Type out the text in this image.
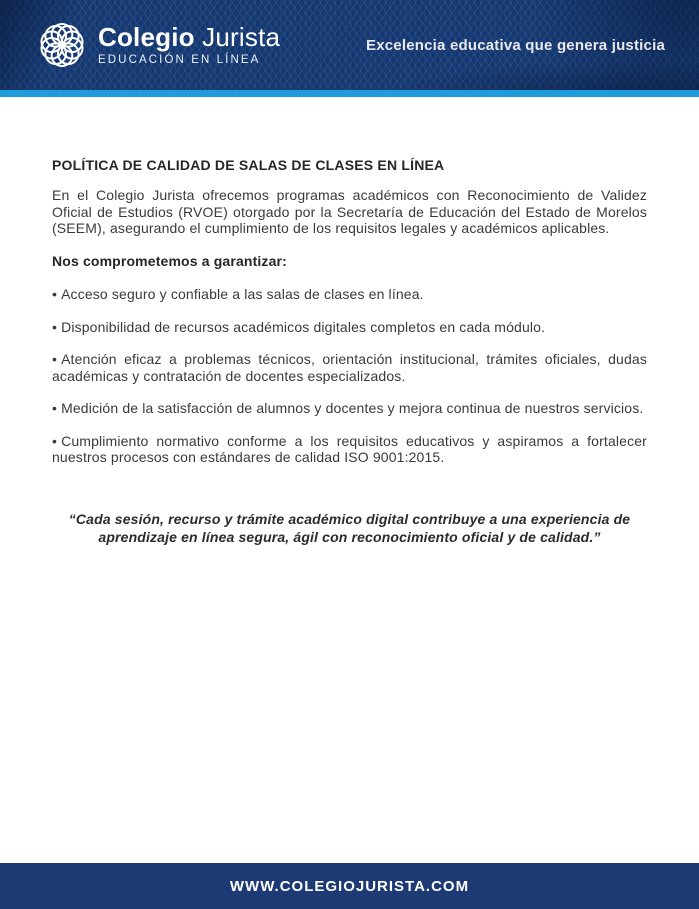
Colegio Jurista
EDUCACIÓN EN LÍNEA
Excelencia educativa que genera justicia
POLÍTICA DE CALIDAD DE SALAS DE CLASES EN LÍNEA

En el Colegio Jurista ofrecemos programas académicos con Reconocimiento de Validez Oficial de Estudios (RVOE) otorgado por la Secretaría de Educación del Estado de Morelos (SEEM), asegurando el cumplimiento de los requisitos legales y académicos aplicables.

Nos comprometemos a garantizar:

• Acceso seguro y confiable a las salas de clases en línea.

• Disponibilidad de recursos académicos digitales completos en cada módulo.

• Atención eficaz a problemas técnicos, orientación institucional, trámites oficiales, dudas académicas y contratación de docentes especializados.

• Medición de la satisfacción de alumnos y docentes y mejora continua de nuestros servicios.

• Cumplimiento normativo conforme a los requisitos educativos y aspiramos a fortalecer nuestros procesos con estándares de calidad ISO 9001:2015.

“Cada sesión, recurso y trámite académico digital contribuye a una experiencia de aprendizaje en línea segura, ágil con reconocimiento oficial y de calidad.”

WWW.COLEGIOJURISTA.COM
